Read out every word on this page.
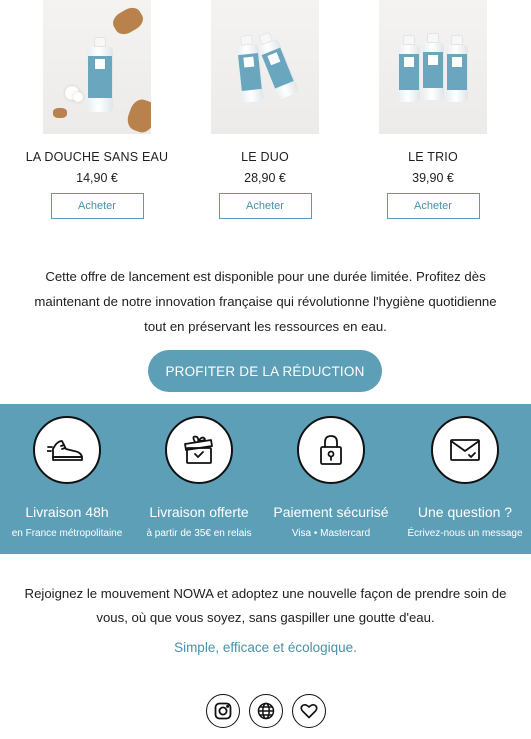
LA DOUCHE SANS EAU
14,90 €
Acheter
LE DUO
28,90 €
Acheter
LE TRIO
39,90 €
Acheter

Cette offre de lancement est disponible pour une durée limitée. Profitez dès maintenant de notre innovation française qui révolutionne l'hygiène quotidienne tout en préservant les ressources en eau.

PROFITER DE LA RÉDUCTION
Livraison 48h
en France métropolitaine
Livraison offerte
à partir de 35€ en relais
Paiement sécurisé
Visa • Mastercard
Une question ?
Écrivez-nous un message

Rejoignez le mouvement NOWA et adoptez une nouvelle façon de prendre soin de vous, où que vous soyez, sans gaspiller une goutte d'eau.

Simple, efficace et écologique.
